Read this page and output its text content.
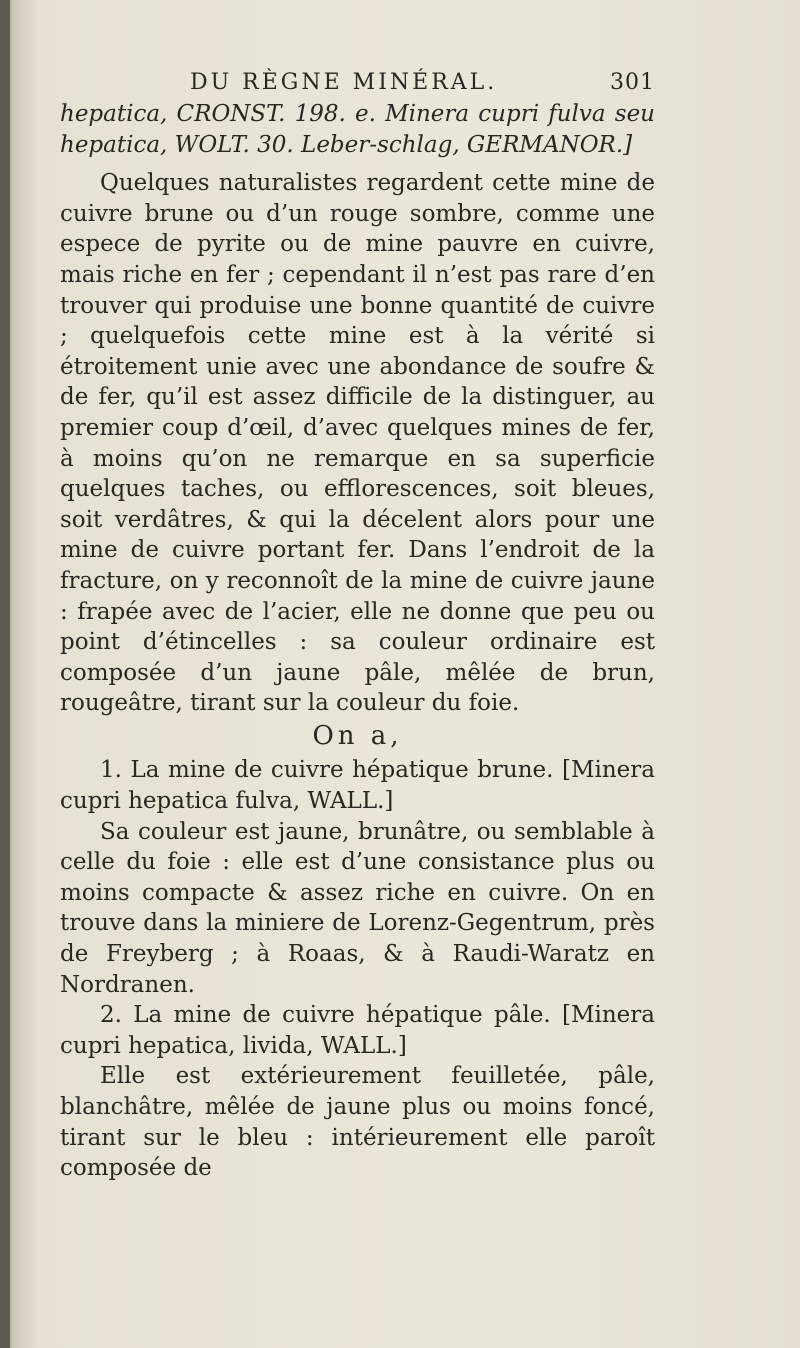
DU RÈGNE MINÉRAL.	301

hepatica, CRONST. 198. e. Minera cupri fulva seu hepatica, WOLT. 30. Leber-schlag, GERMANOR.]

Quelques naturalistes regardent cette mine de cuivre brune ou d’un rouge sombre, comme une espece de pyrite ou de mine pauvre en cuivre, mais riche en fer ; cependant il n’est pas rare d’en trouver qui produise une bonne quantité de cuivre ; quelquefois cette mine est à la vérité si étroitement unie avec une abondance de soufre & de fer, qu’il est assez difficile de la distinguer, au premier coup d’œil, d’avec quelques mines de fer, à moins qu’on ne remarque en sa superficie quelques taches, ou efflorescences, soit bleues, soit verdâtres, & qui la décelent alors pour une mine de cuivre portant fer. Dans l’endroit de la fracture, on y reconnoît de la mine de cuivre jaune : frapée avec de l’acier, elle ne donne que peu ou point d’étincelles : sa couleur ordinaire est composée d’un jaune pâle, mêlée de brun, rougeâtre, tirant sur la couleur du foie.

On a,

1. La mine de cuivre hépatique brune. [Minera cupri hepatica fulva, WALL.]

Sa couleur est jaune, brunâtre, ou semblable à celle du foie : elle est d’une consistance plus ou moins compacte & assez riche en cuivre. On en trouve dans la miniere de Lorenz-Gegentrum, près de Freyberg ; à Roaas, & à Raudi-Waratz en Nordranen.

2. La mine de cuivre hépatique pâle. [Minera cupri hepatica, livida, WALL.]

Elle est extérieurement feuilletée, pâle, blanchâtre, mêlée de jaune plus ou moins foncé, tirant sur le bleu : intérieurement elle paroît composée de
